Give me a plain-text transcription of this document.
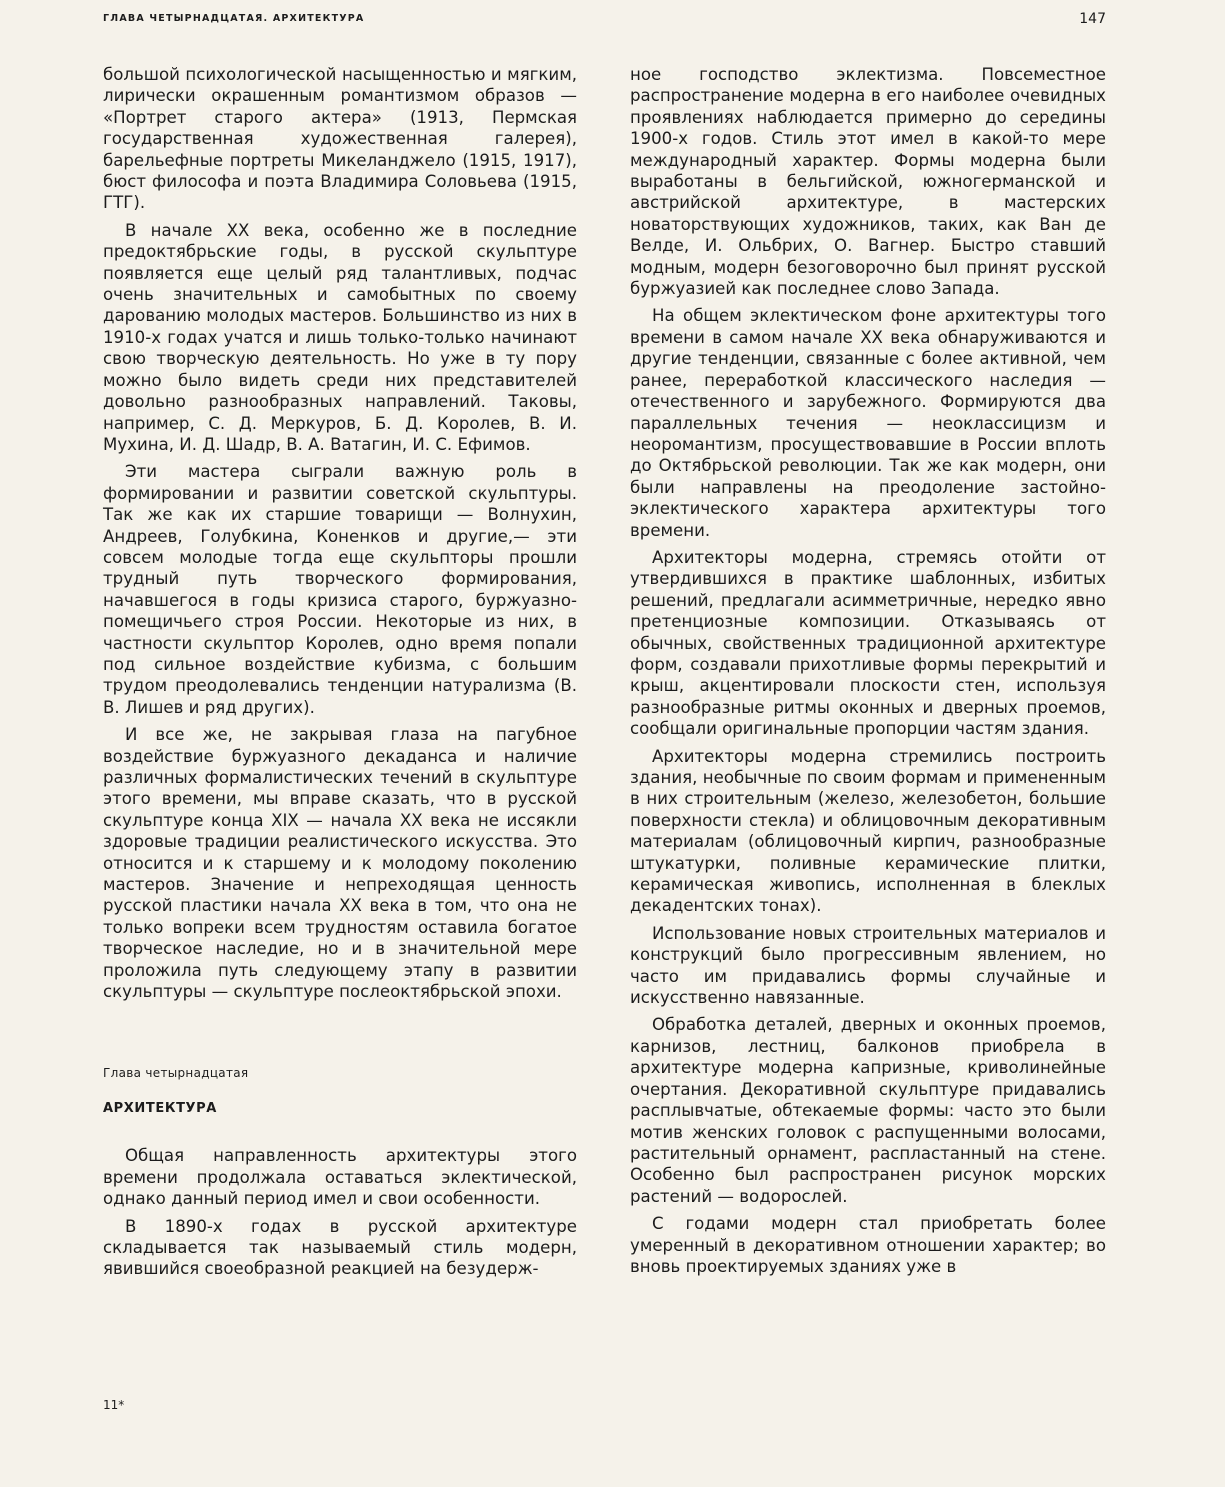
ГЛАВА ЧЕТЫРНАДЦАТАЯ. АРХИТЕКТУРА	147

большой психологической насыщенностью и мягким, лирически окрашенным романтизмом образов — «Портрет старого актера» (1913, Пермская государственная художественная галерея), барельефные портреты Микеланджело (1915, 1917), бюст философа и поэта Владимира Соловьева (1915, ГТГ).

В начале XX века, особенно же в последние предоктябрьские годы, в русской скульптуре появляется еще целый ряд талантливых, подчас очень значительных и самобытных по своему дарованию молодых мастеров. Большинство из них в 1910-х годах учатся и лишь только-только начинают свою творческую деятельность. Но уже в ту пору можно было видеть среди них представителей довольно разнообразных направлений. Таковы, например, С. Д. Меркуров, Б. Д. Королев, В. И. Мухина, И. Д. Шадр, В. А. Ватагин, И. С. Ефимов.

Эти мастера сыграли важную роль в формировании и развитии советской скульптуры. Так же как их старшие товарищи — Волнухин, Андреев, Голубкина, Коненков и другие,— эти совсем молодые тогда еще скульпторы прошли трудный путь творческого формирования, начавшегося в годы кризиса старого, буржуазно-помещичьего строя России. Некоторые из них, в частности скульптор Королев, одно время попали под сильное воздействие кубизма, с большим трудом преодолевались тенденции натурализма (В. В. Лишев и ряд других).

И все же, не закрывая глаза на пагубное воздействие буржуазного декаданса и наличие различных формалистических течений в скульптуре этого времени, мы вправе сказать, что в русской скульптуре конца XIX — начала XX века не иссякли здоровые традиции реалистического искусства. Это относится и к старшему и к молодому поколению мастеров. Значение и непреходящая ценность русской пластики начала XX века в том, что она не только вопреки всем трудностям оставила богатое творческое наследие, но и в значительной мере проложила путь следующему этапу в развитии скульптуры — скульптуре послеоктябрьской эпохи.

Глава четырнадцатая
АРХИТЕКТУРА

Общая направленность архитектуры этого времени продолжала оставаться эклектической, однако данный период имел и свои особенности.

В 1890-х годах в русской архитектуре складывается так называемый стиль модерн, явившийся своеобразной реакцией на безудерж-

ное господство эклектизма. Повсеместное распространение модерна в его наиболее очевидных проявлениях наблюдается примерно до середины 1900-х годов. Стиль этот имел в какой-то мере международный характер. Формы модерна были выработаны в бельгийской, южногерманской и австрийской архитектуре, в мастерских новаторствующих художников, таких, как Ван де Велде, И. Ольбрих, О. Вагнер. Быстро ставший модным, модерн безоговорочно был принят русской буржуазией как последнее слово Запада.

На общем эклектическом фоне архитектуры того времени в самом начале XX века обнаруживаются и другие тенденции, связанные с более активной, чем ранее, переработкой классического наследия — отечественного и зарубежного. Формируются два параллельных течения — неоклассицизм и неоромантизм, просуществовавшие в России вплоть до Октябрьской революции. Так же как модерн, они были направлены на преодоление застойно-эклектического характера архитектуры того времени.

Архитекторы модерна, стремясь отойти от утвердившихся в практике шаблонных, избитых решений, предлагали асимметричные, нередко явно претенциозные композиции. Отказываясь от обычных, свойственных традиционной архитектуре форм, создавали прихотливые формы перекрытий и крыш, акцентировали плоскости стен, используя разнообразные ритмы оконных и дверных проемов, сообщали оригинальные пропорции частям здания.

Архитекторы модерна стремились построить здания, необычные по своим формам и примененным в них строительным (железо, железобетон, большие поверхности стекла) и облицовочным декоративным материалам (облицовочный кирпич, разнообразные штукатурки, поливные керамические плитки, керамическая живопись, исполненная в блеклых декадентских тонах).

Использование новых строительных материалов и конструкций было прогрессивным явлением, но часто им придавались формы случайные и искусственно навязанные.

Обработка деталей, дверных и оконных проемов, карнизов, лестниц, балконов приобрела в архитектуре модерна капризные, криволинейные очертания. Декоративной скульптуре придавались расплывчатые, обтекаемые формы: часто это были мотив женских головок с распущенными волосами, растительный орнамент, распластанный на стене. Особенно был распространен рисунок морских растений — водорослей.

С годами модерн стал приобретать более умеренный в декоративном отношении характер; во вновь проектируемых зданиях уже в

11*
